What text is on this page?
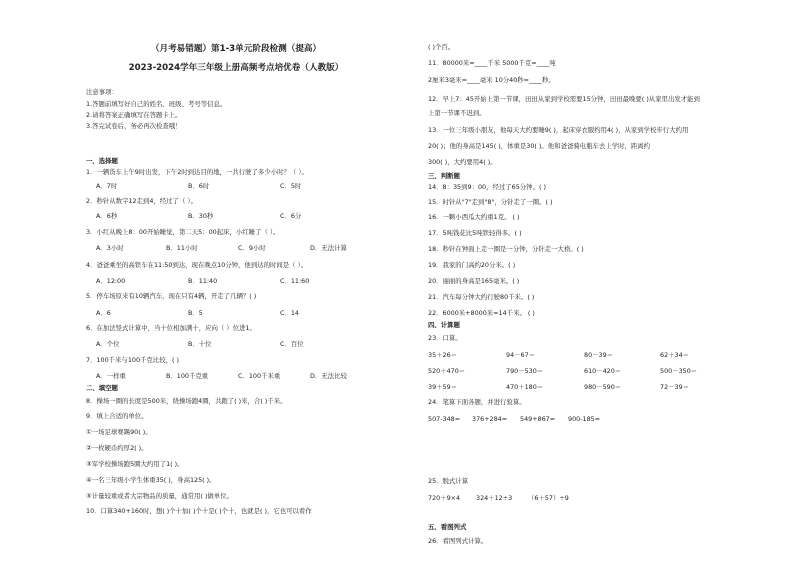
（月考易错题）第1-3单元阶段检测（提高）
2023-2024学年三年级上册高频考点培优卷（人教版）
注意事项：
1.答题前填写好自己的姓名、班级、考号等信息。
2.请将答案正确填写在答题卡上。
3.答完试卷后，务必再次检查哦！
一、选择题
1．一辆货车上午9时出发，下午2时到达目的地，一共行驶了多少小时？（ ）。
A．7时	B．6时	C．5时
2．秒针从数字12走到4，经过了（ ）。
A．6秒	B．30秒	C．6分
3．小红从晚上8：00开始睡觉，第二天5：00起床，小红睡了（ ）。
A．3小时	B．11小时	C．9小时	D．无法计算
4．爸爸乘坐的高铁车在11:50到达，现在晚点10分钟，他到达的时间是（ ）。
A．12:00	B．11:40	C．11:60
5．停车场原来有10辆汽车，现在只有4辆，开走了几辆？( )
A．6	B．5	C．14
6．在加法竖式计算中，当十位相加满十，应向（ ）位进1。
A．个位	B．十位	C．百位
7．100千米与100千克比较，( )
A．一样重	B．100千克重	C．100千米重	D．无法比较
二、填空题
8．操场一圈的长度是500米，绕操场跑4圈，共跑了( )米，合( )千米。
9．填上合适的单位。
①一场足球赛踢90( )。
②一枚硬币约厚2( )。
③军学校操场跑5圈大约用了1( )。
④一名三年级小学生体重35( )，身高125( )。
⑤计量较重或者大宗物品的质量，通常用( )做单位。
10．口算340+160时，想( )个十加( )个十是( )个十，也就是( )，它也可以看作
( )个百。
11．80000米=____千米 5000千克=____吨
2厘米3毫米=____毫米 10分40秒=____秒。
12．早上7：45开始上第一节课，田田从家到学校需要15分钟，田田最晚要( )从家里出发才能到
上第一节课不迟到。
13．一位三年级小朋友，他每天大约要睡9( )，起床穿衣服约用4( )，从家到学校步行大约用
20( )；他的身高是145( )，体重是30( )。他和爸爸骑电瓶车去上学时，距离约
300( )，大约要用4( )。
三、判断题
14．8：35到9：00，经过了65分钟。( )
15．时针从"7"走到"8"，分针走了一圈。( )
16．一颗小西瓜大约重1克。 ( )
17．5吨钱花比5吨铁轻得多。( )
18．秒针在钟面上走一圈是一分钟，分针走一大格。( )
19．我家的门高约20分米。( )
20．丽丽的身高是165毫米。( )
21．汽车每分钟大约行驶80千米。( )
22．6000米+8000米=14千米。 ( )
四、计算题
23．口算。
35＋26＝	94－67＝	80－39＝	62＋34＝
520＋470＝	790－530＝	610－420＝	500－350＝
39＋59＝	470＋180＝	980－590＝	72－39＝
24．笔算下面各题，并进行验算。
507-348= 376+284= 549+867= 900-185=
25．脱式计算
720＋9×4 324＋12÷3 （6＋57）÷9
五、看图列式
26．看图列式计算。
